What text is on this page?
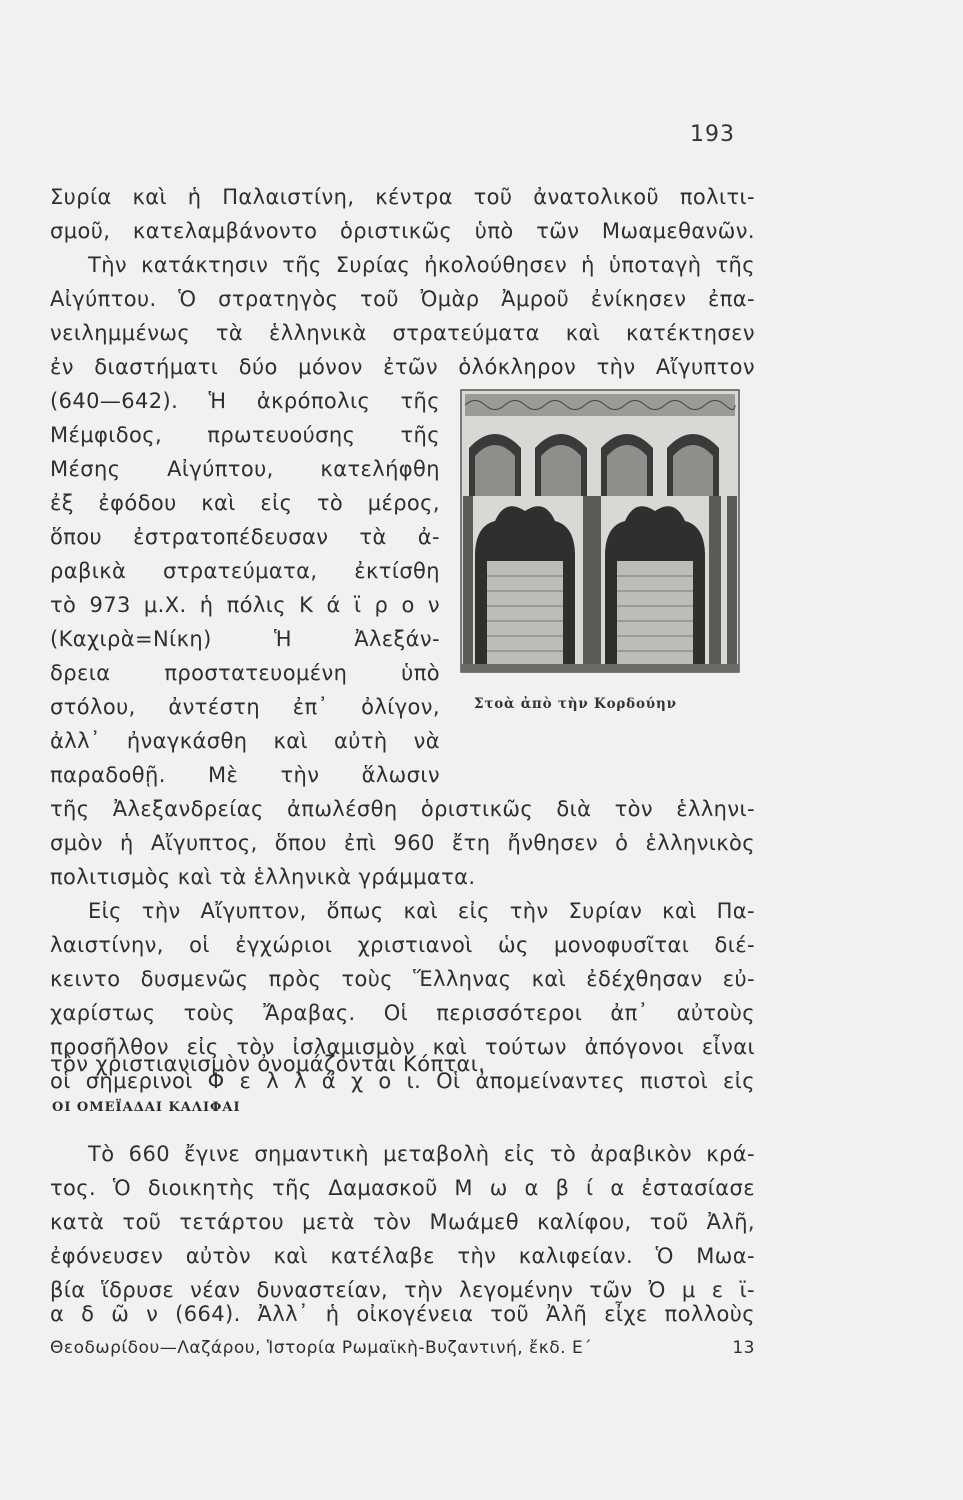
193
Συρία καὶ ἡ Παλαιστίνη, κέντρα τοῦ ἀνατολικοῦ πολιτι-
σμοῦ, κατελαμβάνοντο ὁριστικῶς ὑπὸ τῶν Μωαμεθανῶν.
Τὴν κατάκτησιν τῆς Συρίας ἠκολούθησεν ἡ ὑποταγὴ τῆς
Αἰγύπτου. Ὁ στρατηγὸς τοῦ Ὀμὰρ Ἀμροῦ ἐνίκησεν ἐπα-
νειλημμένως τὰ ἑλληνικὰ στρατεύματα καὶ κατέκτησεν
ἐν διαστήματι δύο μόνον ἐτῶν ὁλόκληρον τὴν Αἴγυπτον
(640—642). Ἡ ἀκρόπολις τῆς
Μέμφιδος, πρωτευούσης τῆς
Μέσης Αἰγύπτου, κατελήφθη
ἐξ ἐφόδου καὶ εἰς τὸ μέρος,
ὅπου ἐστρατοπέδευσαν τὰ ἀ-
ραβικὰ στρατεύματα, ἐκτίσθη
τὸ 973 μ.Χ. ἡ πόλις Κ ά ϊ ρ ο ν
(Καχιρὰ=Νίκη) Ἡ Ἀλεξάν-
δρεια προστατευομένη ὑπὸ
στόλου, ἀντέστη ἐπ᾽ ὀλίγον,
ἀλλ᾽ ἠναγκάσθη καὶ αὐτὴ νὰ
παραδοθῇ. Μὲ τὴν ἅλωσιν
τῆς Ἀλεξανδρείας ἀπωλέσθη ὁριστικῶς διὰ τὸν ἑλληνι-
σμὸν ἡ Αἴγυπτος, ὅπου ἐπὶ 960 ἔτη ἤνθησεν ὁ ἑλληνικὸς
πολιτισμὸς καὶ τὰ ἑλληνικὰ γράμματα.
Εἰς τὴν Αἴγυπτον, ὅπως καὶ εἰς τὴν Συρίαν καὶ Πα-
λαιστίνην, οἱ ἐγχώριοι χριστιανοὶ ὡς μονοφυσῖται διέ-
κειντο δυσμενῶς πρὸς τοὺς Ἕλληνας καὶ ἐδέχθησαν εὐ-
χαρίστως τοὺς Ἄραβας. Οἱ περισσότεροι ἀπ᾽ αὐτοὺς
προσῆλθον εἰς τὸν ἰσλαμισμὸν καὶ τούτων ἀπόγονοι εἶναι
οἱ σημερινοὶ Φ ε λ λ ά χ ο ι. Οἱ ἀπομείναντες πιστοὶ εἰς
τὸν χριστιανισμὸν ὀνομάζονται Κόπται.
ΟΙ ΟΜΕΪΑΔΑΙ ΚΑΛΙΦΑΙ
Τὸ 660 ἔγινε σημαντικὴ μεταβολὴ εἰς τὸ ἀραβικὸν κρά-
τος. Ὁ διοικητὴς τῆς Δαμασκοῦ Μ ω α β ί α ἐστασίασε
κατὰ τοῦ τετάρτου μετὰ τὸν Μωάμεθ καλίφου, τοῦ Ἀλῆ,
ἐφόνευσεν αὐτὸν καὶ κατέλαβε τὴν καλιφείαν. Ὁ Μωα-
βία ἵδρυσε νέαν δυναστείαν, τὴν λεγομένην τῶν Ὀ μ ε ϊ-
α δ ῶ ν (664). Ἀλλ᾽ ἡ οἰκογένεια τοῦ Ἀλῆ εἶχε πολλοὺς
Στοὰ ἀπὸ τὴν Κορδούην
Θεοδωρίδου—Λαζάρου, Ἱστορία Ρωμαϊκὴ-Βυζαντινή, ἔκδ. Ε´	13
